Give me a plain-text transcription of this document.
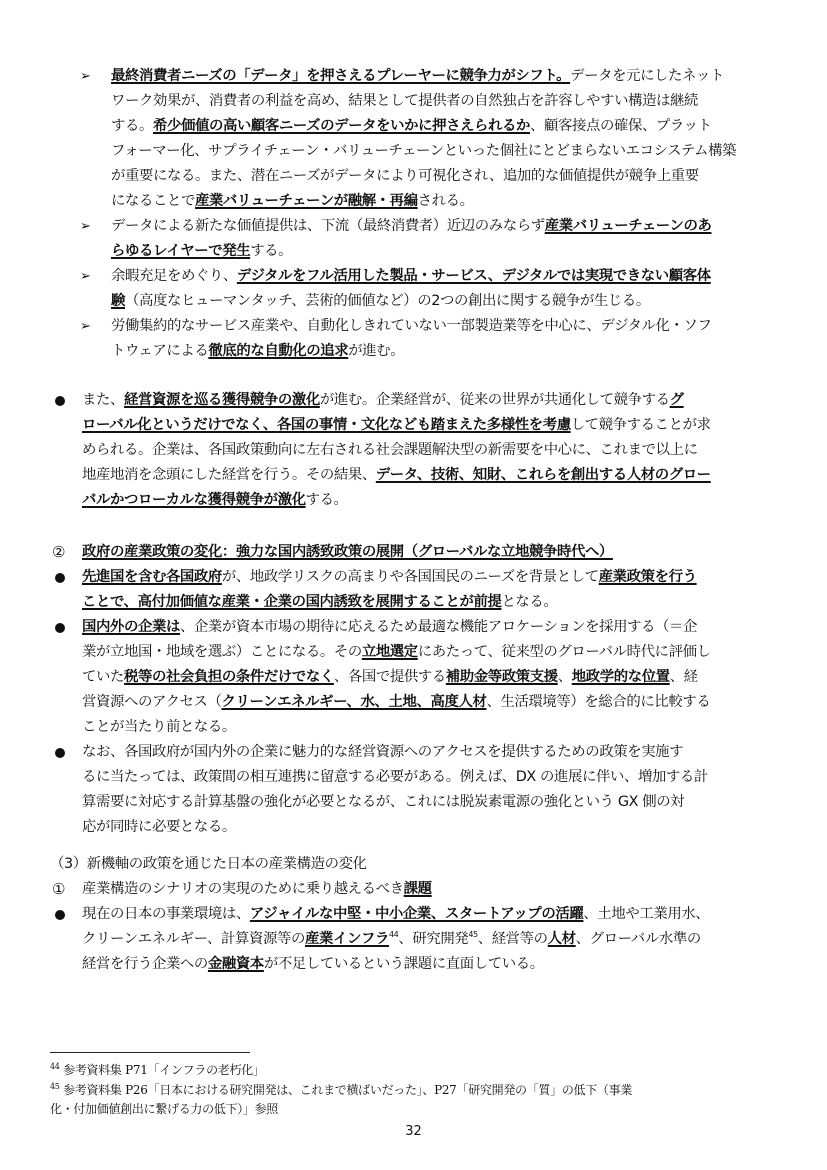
➢ 最終消費者ニーズの「データ」を押さえるプレーヤーに競争力がシフト。データを元にしたネット

ワーク効果が、消費者の利益を高め、結果として提供者の自然独占を許容しやすい構造は継続

する。希少価値の高い顧客ニーズのデータをいかに押さえられるか、顧客接点の確保、プラット

フォーマー化、サプライチェーン・バリューチェーンといった個社にとどまらないエコシステム構築

が重要になる。また、潜在ニーズがデータにより可視化され、追加的な価値提供が競争上重要

になることで産業バリューチェーンが融解・再編される。

➢ データによる新たな価値提供は、下流（最終消費者）近辺のみならず産業バリューチェーンのあ

らゆるレイヤーで発生する。

➢ 余暇充足をめぐり、デジタルをフル活用した製品・サービス、デジタルでは実現できない顧客体

験（高度なヒューマンタッチ、芸術的価値など）の2つの創出に関する競争が生じる。

➢ 労働集約的なサービス産業や、自動化しきれていない一部製造業等を中心に、デジタル化・ソフ

トウェアによる徹底的な自動化の追求が進む。

また、経営資源を巡る獲得競争の激化が進む。企業経営が、従来の世界が共通化して競争するグ

ローバル化というだけでなく、各国の事情・文化なども踏まえた多様性を考慮して競争することが求

められる。企業は、各国政策動向に左右される社会課題解決型の新需要を中心に、これまで以上に

地産地消を念頭にした経営を行う。その結果、データ、技術、知財、これらを創出する人材のグロー

バルかつローカルな獲得競争が激化する。

② 政府の産業政策の変化：強力な国内誘致政策の展開（グローバルな立地競争時代へ）

先進国を含む各国政府が、地政学リスクの高まりや各国国民のニーズを背景として産業政策を行う

ことで、高付加価値な産業・企業の国内誘致を展開することが前提となる。

国内外の企業は、企業が資本市場の期待に応えるため最適な機能アロケーションを採用する（＝企

業が立地国・地域を選ぶ）ことになる。その立地選定にあたって、従来型のグローバル時代に評価し

ていた税等の社会負担の条件だけでなく、各国で提供する補助金等政策支援、地政学的な位置、経

営資源へのアクセス（クリーンエネルギー、水、土地、高度人材、生活環境等）を総合的に比較する

ことが当たり前となる。

なお、各国政府が国内外の企業に魅力的な経営資源へのアクセスを提供するための政策を実施す

るに当たっては、政策間の相互連携に留意する必要がある。例えば、DX の進展に伴い、増加する計

算需要に対応する計算基盤の強化が必要となるが、これには脱炭素電源の強化という GX 側の対

応が同時に必要となる。

（3）新機軸の政策を通じた日本の産業構造の変化

① 産業構造のシナリオの実現のために乗り越えるべき課題

現在の日本の事業環境は、アジャイルな中堅・中小企業、スタートアップの活躍、土地や工業用水、

クリーンエネルギー、計算資源等の産業インフラ$^{44}$、研究開発$^{45}$、経営等の人材、グローバル水準の

経営を行う企業への金融資本が不足しているという課題に直面している。

$^{44}$ 参考資料集 P71「インフラの老朽化」
$^{45}$ 参考資料集 P26「日本における研究開発は、これまで横ばいだった」、P27「研究開発の「質」の低下（事業
化・付加価値創出に繋げる力の低下）」参照
32
